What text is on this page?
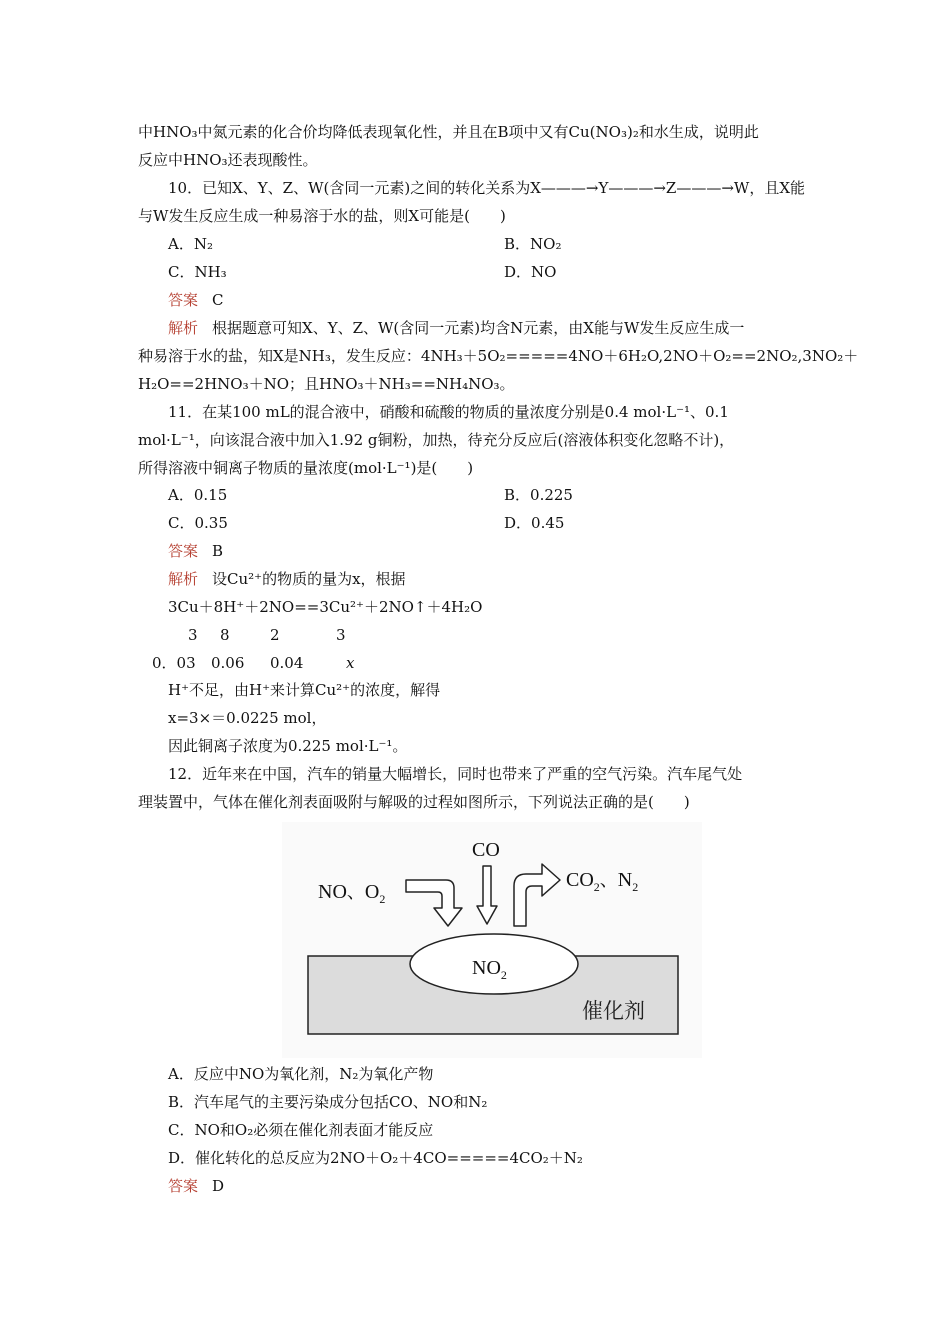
中HNO₃中氮元素的化合价均降低表现氧化性，并且在B项中又有Cu(NO₃)₂和水生成，说明此
反应中HNO₃还表现酸性。
10．已知X、Y、Z、W(含同一元素)之间的转化关系为X———→Y———→Z———→W，且X能
与W发生反应生成一种易溶于水的盐，则X可能是(　　)
A．N₂	B．NO₂
C．NH₃	D．NO
答案 C
解析 根据题意可知X、Y、Z、W(含同一元素)均含N元素，由X能与W发生反应生成一
种易溶于水的盐，知X是NH₃，发生反应：4NH₃＋5O₂=====4NO＋6H₂O,2NO＋O₂==2NO₂,3NO₂＋
H₂O==2HNO₃＋NO；且HNO₃＋NH₃==NH₄NO₃。
11．在某100 mL的混合液中，硝酸和硫酸的物质的量浓度分别是0.4 mol·L⁻¹、0.1
mol·L⁻¹，向该混合液中加入1.92 g铜粉，加热，待充分反应后(溶液体积变化忽略不计)，
所得溶液中铜离子物质的量浓度(mol·L⁻¹)是(　　)
A．0.15	B．0.225
C．0.35	D．0.45
答案 B
解析 设Cu²⁺的物质的量为x，根据
3Cu＋8H⁺＋2NO==3Cu²⁺＋2NO↑＋4H₂O
3 8	2	3
0．03 0.06 0.04	x
H⁺不足，由H⁺来计算Cu²⁺的浓度，解得
x=3×＝0.0225 mol，
因此铜离子浓度为0.225 mol·L⁻¹。
12．近年来在中国，汽车的销量大幅增长，同时也带来了严重的空气污染。汽车尾气处
理装置中，气体在催化剂表面吸附与解吸的过程如图所示，下列说法正确的是(　　)
CO
NO、$O_2$
$CO_2$、$N_2$
$NO_2$
催化剂
A．反应中NO为氧化剂，N₂为氧化产物
B．汽车尾气的主要污染成分包括CO、NO和N₂
C．NO和O₂必须在催化剂表面才能反应
D．催化转化的总反应为2NO＋O₂＋4CO=====4CO₂＋N₂
答案 D
